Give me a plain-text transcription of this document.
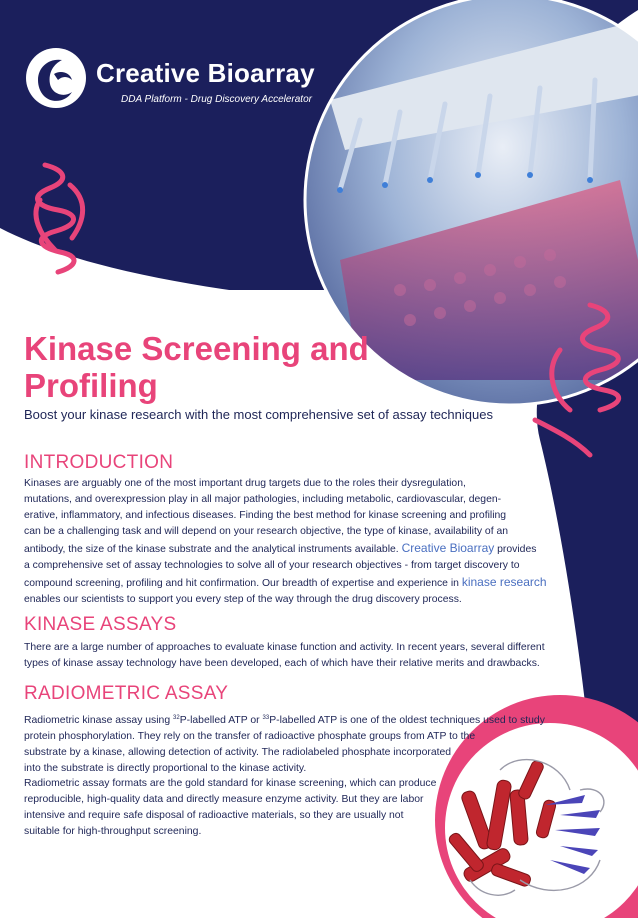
Creative Bioarray
DDA Platform - Drug Discovery Accelerator
Kinase Screening and Profiling

Boost your kinase research with the most comprehensive set of assay techniques

INTRODUCTION
Kinases are arguably one of the most important drug targets due to the roles their dysregulation,
mutations, and overexpression play in all major pathologies, including metabolic, cardiovascular, degen-
erative, inflammatory, and infectious diseases. Finding the best method for kinase screening and profiling
can be a challenging task and will depend on your research objective, the type of kinase, availability of an
antibody, the size of the kinase substrate and the analytical instruments available. Creative Bioarray provides
a comprehensive set of assay technologies to solve all of your research objectives - from target discovery to
compound screening, profiling and hit confirmation. Our breadth of expertise and experience in kinase research
enables our scientists to support you every step of the way through the drug discovery process.
KINASE ASSAYS
There are a large number of approaches to evaluate kinase function and activity. In recent years, several different
types of kinase assay technology have been developed, each of which have their relative merits and drawbacks.
RADIOMETRIC ASSAY
Radiometric kinase assay using $^{32}$P-labelled ATP or $^{33}$P-labelled ATP is one of the oldest techniques used to study
protein phosphorylation. They rely on the transfer of radioactive phosphate groups from ATP to the
substrate by a kinase, allowing detection of activity. The radiolabeled phosphate incorporated
into the substrate is directly proportional to the kinase activity.
Radiometric assay formats are the gold standard for kinase screening, which can produce
reproducible, high-quality data and directly measure enzyme activity. But they are labor
intensive and require safe disposal of radioactive materials, so they are usually not
suitable for high-throughput screening.
